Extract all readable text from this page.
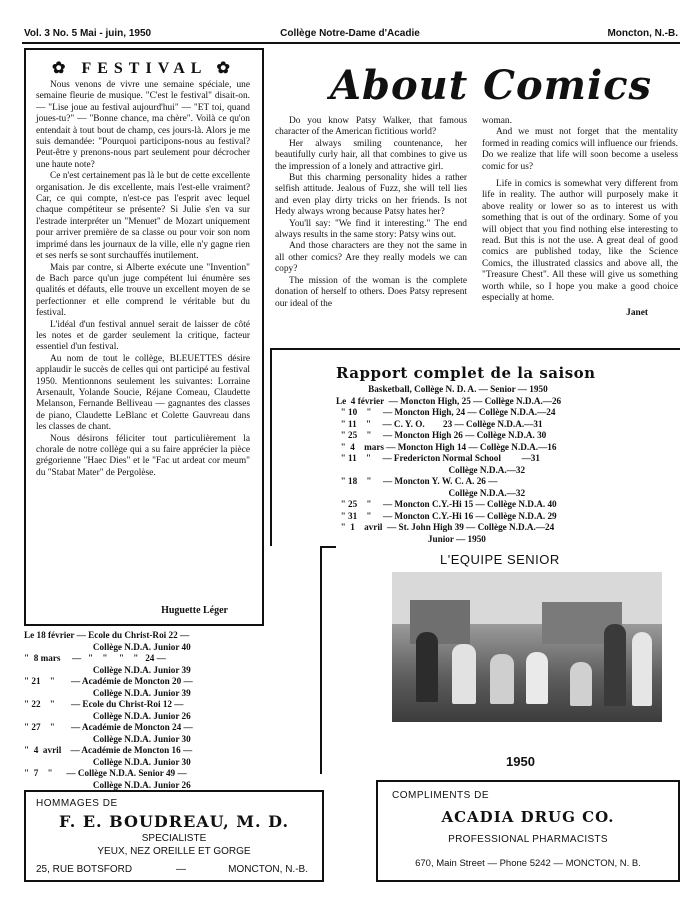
Vol. 3 No. 5 Mai - juin, 1950	Collège Notre-Dame d'Acadie	Moncton, N.-B.
✿ FESTIVAL ✿

Nous venons de vivre une semaine spéciale, une semaine fleurie de musique. "C'est le festival" disait-on. — "Lise joue au festival aujourd'hui" — "ET toi, quand joues-tu?" — "Bonne chance, ma chère". Voilà ce qu'on entendait à tout bout de champ, ces jours-là. Alors je me suis demandée: "Pourquoi participons-nous au festival? Peut-être y prenons-nous part seulement pour décrocher une haute note?

Ce n'est certainement pas là le but de cette excellente organisation. Je dis excellente, mais l'est-elle vraiment? Car, ce qui compte, n'est-ce pas l'esprit avec lequel chaque compétiteur se présente? Si Julie s'en va sur l'estrade interpréter un "Menuet" de Mozart uniquement pour arriver première de sa classe ou pour voir son nom imprimé dans les journaux de la ville, elle n'y gagne rien et ses nerfs se sont surchauffés inutilement.

Mais par contre, si Alberte exécute une "Invention" de Bach parce qu'un juge compétent lui énumère ses qualités et défauts, elle trouve un excellent moyen de se perfectionner et elle comprend le véritable but du festival.

L'idéal d'un festival annuel serait de laisser de côté les notes et de garder seulement la critique, facteur essentiel d'un festival.

Au nom de tout le collège, BLEUETTES désire applaudir le succès de celles qui ont participé au festival 1950. Mentionnons seulement les suivantes: Lorraine Arsenault, Yolande Soucie, Réjane Comeau, Claudette Melanson, Fernande Belliveau — gagnantes des classes de piano, Claudette LeBlanc et Colette Gauvreau dans les classes de chant.

Nous désirons féliciter tout particulièrement la chorale de notre collège qui a su faire apprécier la pièce grégorienne "Haec Dies" et le "Fac ut ardeat cor meum" du "Stabat Mater" de Pergolèse.

Huguette Léger
Le 18 février — Ecole du Christ-Roi 22 —
Collège N.D.A. Junior 40
"  8 mars     —   "    "     "    "   24 —
Collège N.D.A. Junior 39
" 21    "       — Académie de Moncton 20 —
Collège N.D.A. Junior 39
" 22    "       — Ecole du Christ-Roi 12 —
Collège N.D.A. Junior 26
" 27    "       — Académie de Moncton 24 —
Collège N.D.A. Junior 30
"  4  avril    — Académie de Moncton 16 —
Collège N.D.A. Junior 30
"  7    "      — Collège N.D.A. Senior 49 —
Collège N.D.A. Junior 26
About Comics

Do you know Patsy Walker, that famous character of the American fictitious world?

Her always smiling countenance, her beautifully curly hair, all that combines to give us the impression of a lonely and attractive girl.

But this charming personality hides a rather selfish attitude. Jealous of Fuzz, she will tell lies and even play dirty tricks on her friends. Is not Hedy always wrong because Patsy hates her?

You'll say: "We find it interesting." The end always results in the same story: Patsy wins out.

And those characters are they not the same in all other comics? Are they really models we can copy?

The mission of the woman is the complete donation of herself to others. Does Patsy represent our ideal of the

woman.

And we must not forget that the mentality formed in reading comics will influence our friends. Do we realize that life will soon become a useless comic for us?

Life in comics is somewhat very different from life in reality. The author will purposely make it above reality or lower so as to interest us with something that is out of the ordinary. Some of you will object that you find nothing else interesting to read. But this is not the use. A great deal of good comics are published today, like the Science Comics, the illustrated classics and above all, the "Treasure Chest". All these will give us something worth while, so I hope you make a good choice especially at home.

Janet
Rapport complet de la saison
Basketball, Collège N. D. A. — Senior — 1950
Le  4 février  — Moncton High, 25 — Collège N.D.A.—26
" 10    "     — Moncton High, 24 — Collège N.D.A.—24
" 11    "     — C. Y. O.        23 — Collège N.D.A.—31
" 25    "     — Moncton High 26 — Collège N.D.A. 30
"  4    mars — Moncton High 14 — Collège N.D.A.—16
" 11    "     — Fredericton Normal School         —31
Collège N.D.A.—32
" 18    "     — Moncton Y. W. C. A. 26 —
Collège N.D.A.—32
" 25    "     — Moncton C.Y.-Hi 15 — Collège N.D.A. 40
" 31    "     — Moncton C.Y.-Hi 16 — Collège N.D.A. 29
"  1    avril  — St. John High 39 — Collège N.D.A.—24
Junior — 1950
L'EQUIPE SENIOR
1950
HOMMAGES DE
F. E. BOUDREAU, M. D.
SPECIALISTE
YEUX, NEZ OREILLE ET GORGE
25, RUE BOTSFORD	—	MONCTON, N.-B.
COMPLIMENTS DE
ACADIA DRUG CO.
PROFESSIONAL PHARMACISTS
670, Main Street — Phone 5242 — MONCTON, N. B.
